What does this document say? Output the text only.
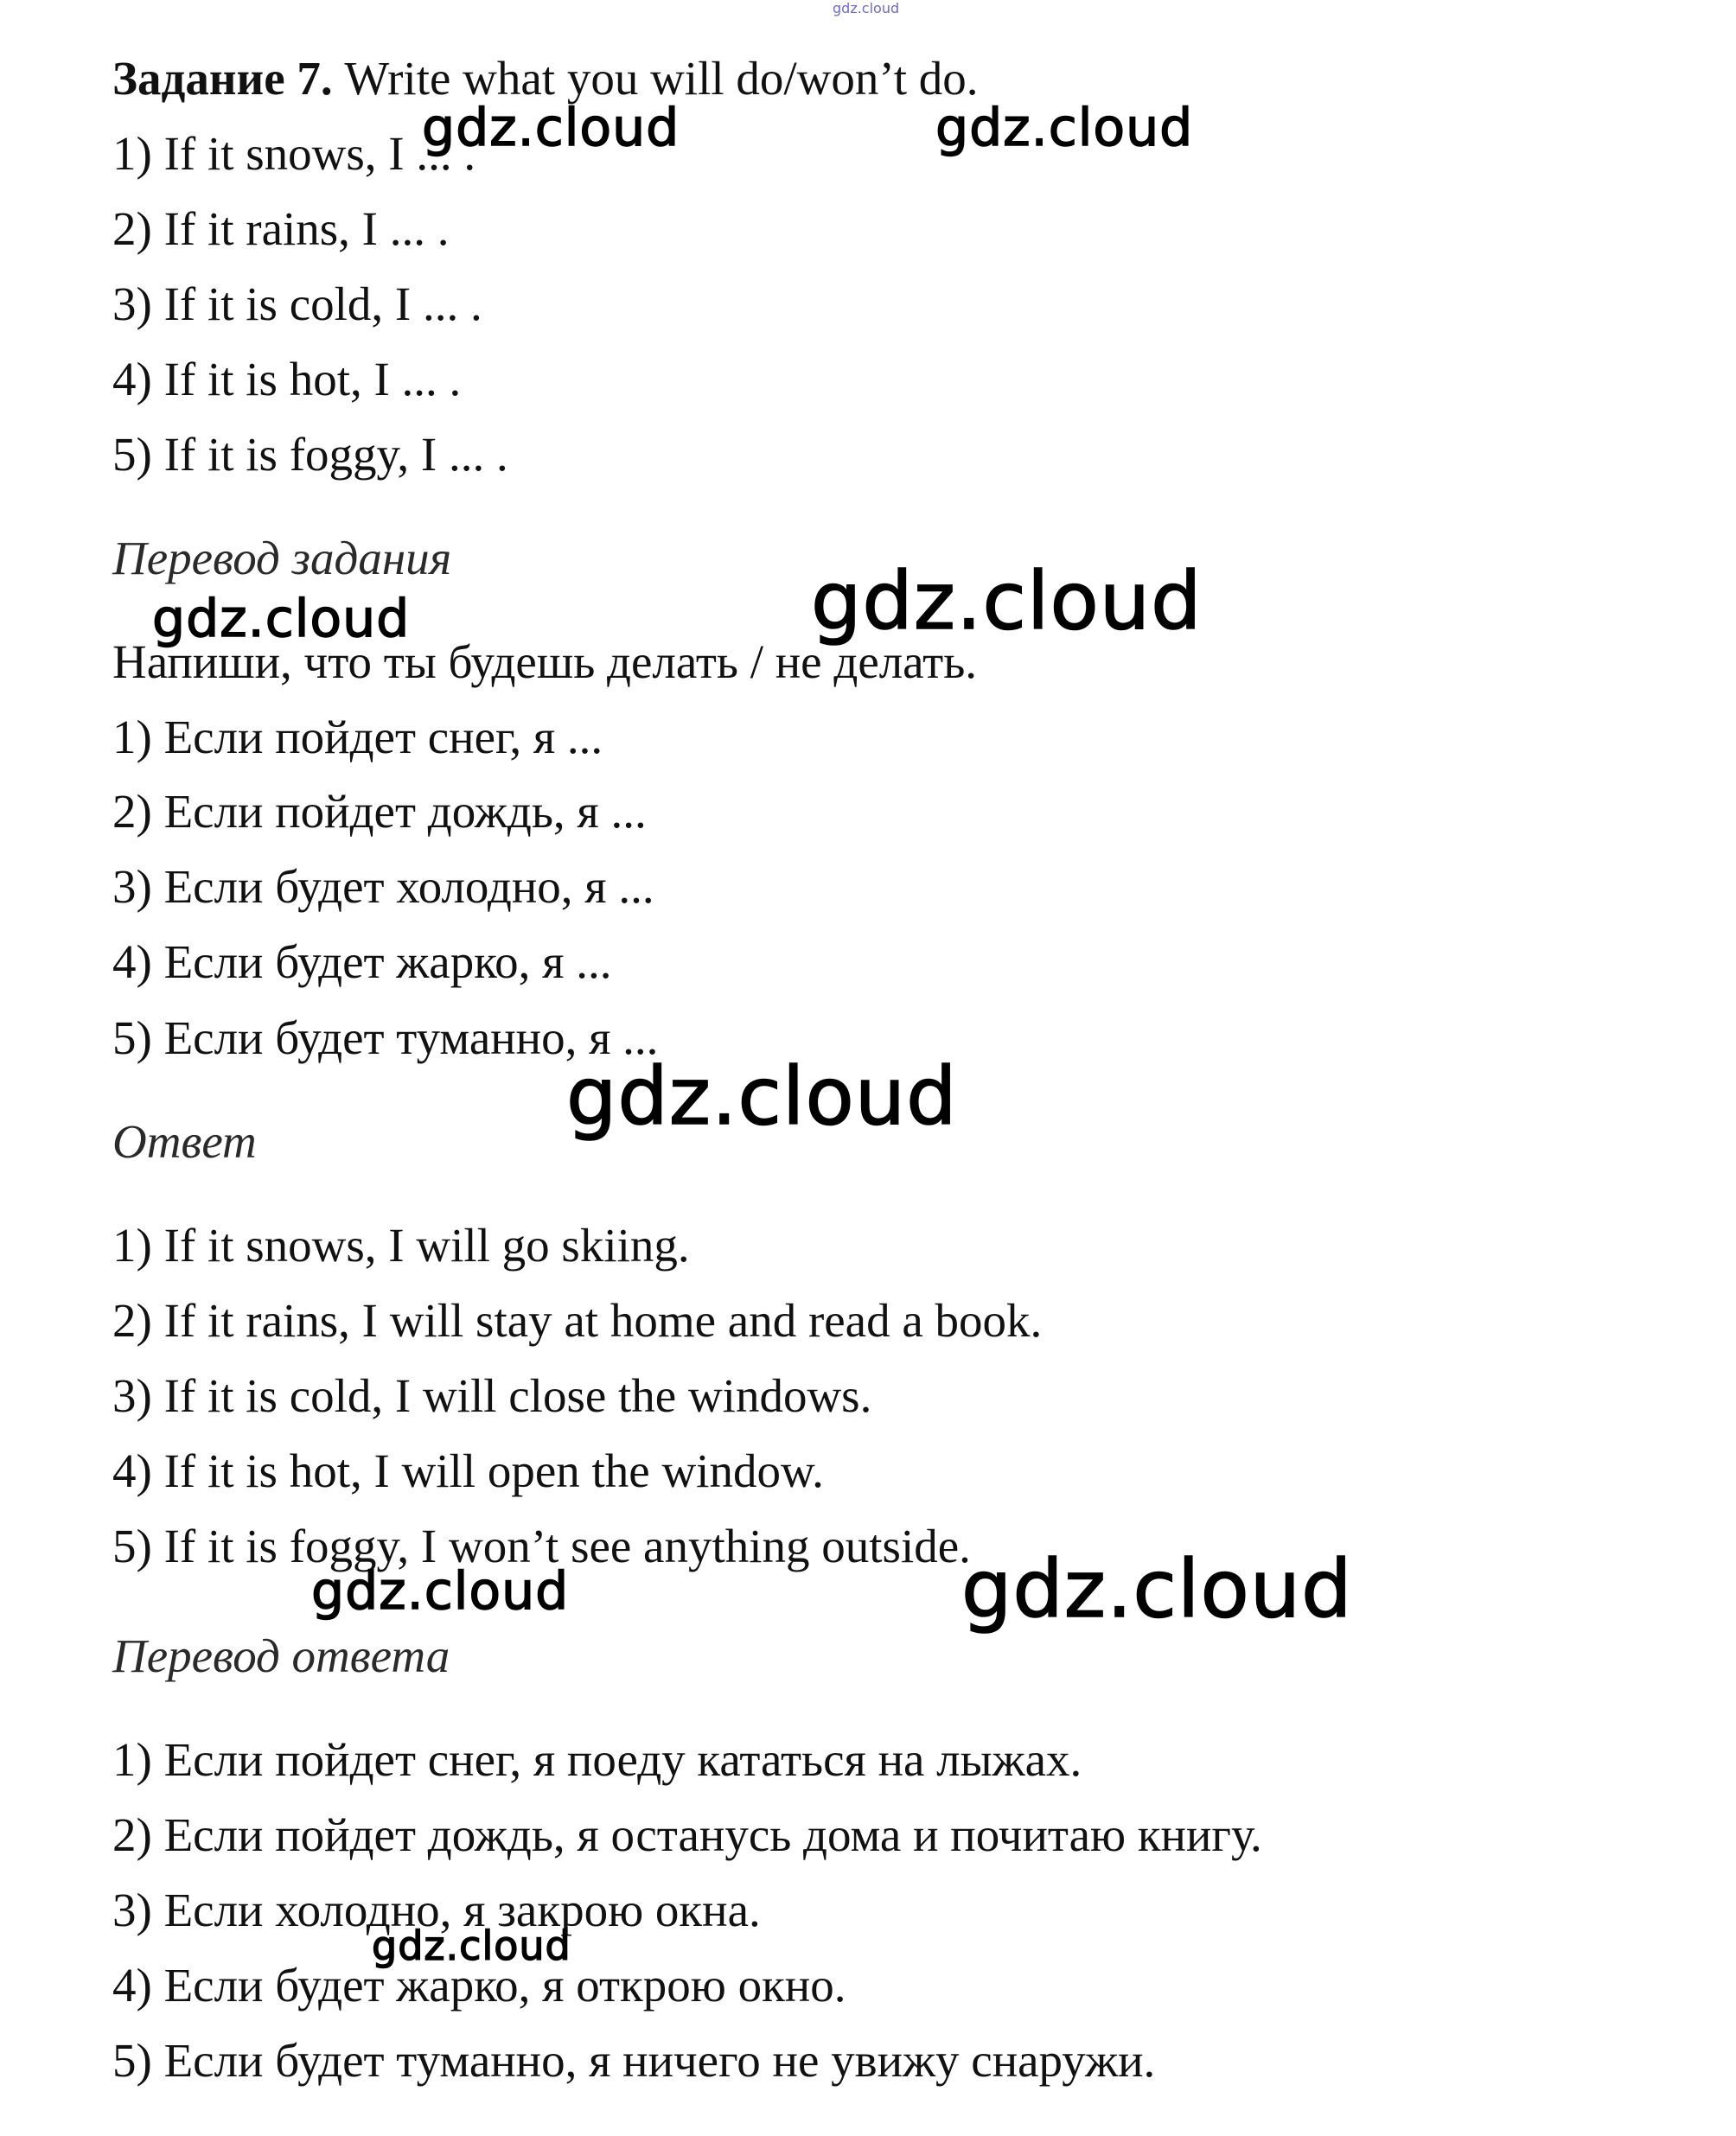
gdz.cloud
Задание 7. Write what you will do/won’t do.
1) If it snows, I ... .
2) If it rains, I ... .
3) If it is cold, I ... .
4) If it is hot, I ... .
5) If it is foggy, I ... .
Перевод задания
Напиши, что ты будешь делать / не делать.
1) Если пойдет снег, я ...
2) Если пойдет дождь, я ...
3) Если будет холодно, я ...
4) Если будет жарко, я ...
5) Если будет туманно, я ...
Ответ
1) If it snows, I will go skiing.
2) If it rains, I will stay at home and read a book.
3) If it is cold, I will close the windows.
4) If it is hot, I will open the window.
5) If it is foggy, I won’t see anything outside.
Перевод ответа
1) Если пойдет снег, я поеду кататься на лыжах.
2) Если пойдет дождь, я останусь дома и почитаю книгу.
3) Если холодно, я закрою окна.
4) Если будет жарко, я открою окно.
5) Если будет туманно, я ничего не увижу снаружи.
gdz.cloud	gdz.cloud
gdz.cloud	gdz.cloud
gdz.cloud
gdz.cloud	gdz.cloud
gdz.cloud
